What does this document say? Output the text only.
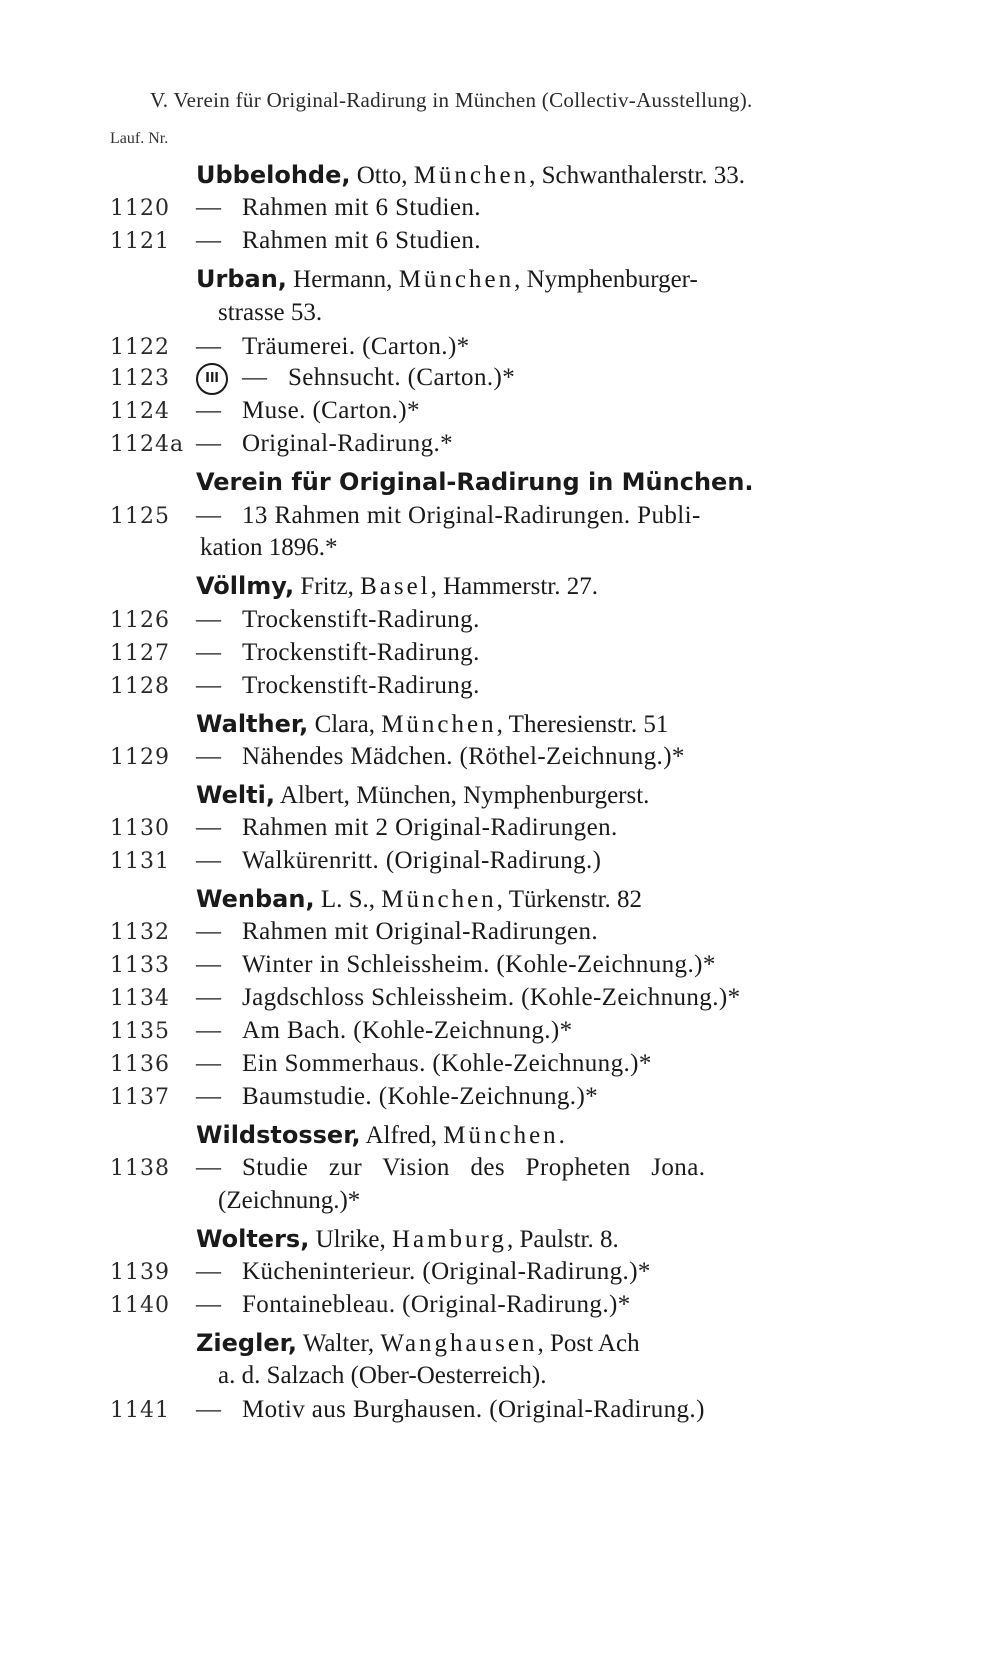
V. Verein für Original-Radirung in München (Collectiv-Ausstellung).
Lauf. Nr.
Ubbelohde, Otto, München, Schwanthalerstr. 33.
1120 — Rahmen mit 6 Studien.
1121 — Rahmen mit 6 Studien.
Urban, Hermann, München, Nymphenburger-
strasse 53.
1122 — Träumerei. (Carton.)*
1123	Ill — Sehnsucht. (Carton.)*
1124 — Muse. (Carton.)*
1124a — Original-Radirung.*
Verein für Original-Radirung in München.
1125 — 13 Rahmen mit Original-Radirungen. Publi-
kation 1896.*
Völlmy, Fritz, Basel, Hammerstr. 27.
1126 — Trockenstift-Radirung.
1127 — Trockenstift-Radirung.
1128 — Trockenstift-Radirung.
Walther, Clara, München, Theresienstr. 51
1129 — Nähendes Mädchen. (Röthel-Zeichnung.)*
Welti, Albert, München, Nymphenburgerst.
1130 — Rahmen mit 2 Original-Radirungen.
1131 — Walkürenritt. (Original-Radirung.)
Wenban, L. S., München, Türkenstr. 82
1132 — Rahmen mit Original-Radirungen.
1133 — Winter in Schleissheim. (Kohle-Zeichnung.)*
1134 — Jagdschloss Schleissheim. (Kohle-Zeichnung.)*
1135 — Am Bach. (Kohle-Zeichnung.)*
1136 — Ein Sommerhaus. (Kohle-Zeichnung.)*
1137 — Baumstudie. (Kohle-Zeichnung.)*
Wildstosser, Alfred, München.
1138 — Studie zur Vision des Propheten Jona.
(Zeichnung.)*
Wolters, Ulrike, Hamburg, Paulstr. 8.
1139 — Kücheninterieur. (Original-Radirung.)*
1140 — Fontainebleau. (Original-Radirung.)*
Ziegler, Walter, Wanghausen, Post Ach
a. d. Salzach (Ober-Oesterreich).
1141 — Motiv aus Burghausen. (Original-Radirung.)
